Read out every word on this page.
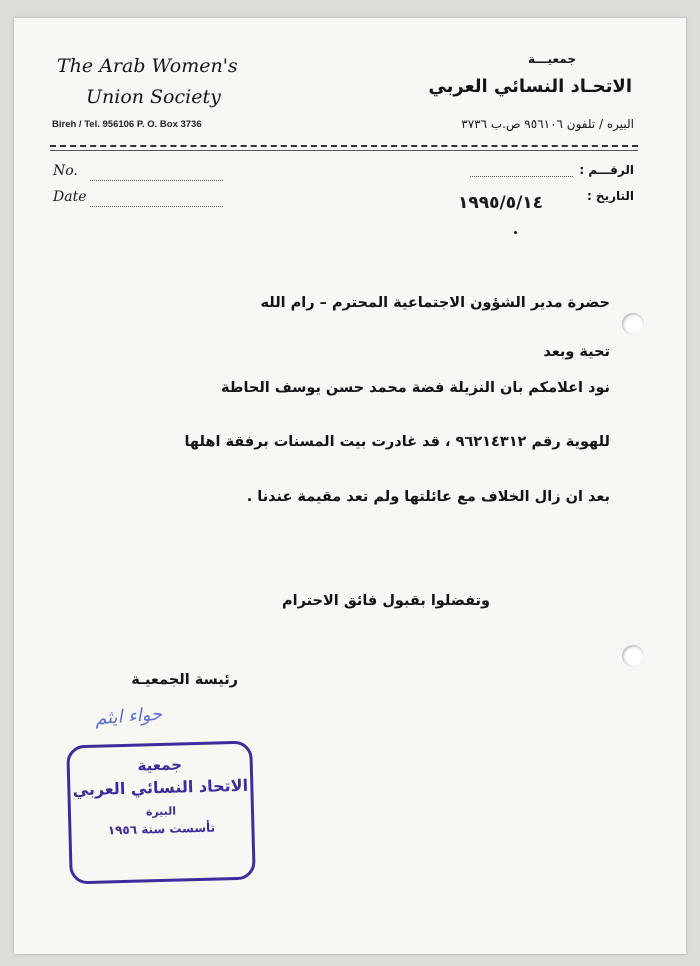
The Arab Women's
Union Society
Bireh / Tel. 956106 P. O. Box 3736
جمعيـــة
الاتحـاد النسائي العربي
البيره / تلفون ٩٥٦١٠٦ ص.ب ٣٧٣٦
No.
Date
الرقـــم :
التاريخ :
١٩٩٥/٥/١٤
حضرة مدير الشؤون الاجتماعية المحترم – رام الله
تحية وبعد
نود اعلامكم بان النزيلة فضة محمد حسن يوسف الحاطة
للهوية رقم ٩٦٢١٤٣١٢ ، قد غادرت بيت المسنات برفقة اهلها
بعد ان زال الخلاف مع عائلتها ولم تعد مقيمة عندنا .
وتفضلوا بقبول فائق الاحترام
رئيسة الجمعيـة
حواء ايثم
جمعية
الاتحاد النسائي العربي
البيرة
تأسست سنة ١٩٥٦
